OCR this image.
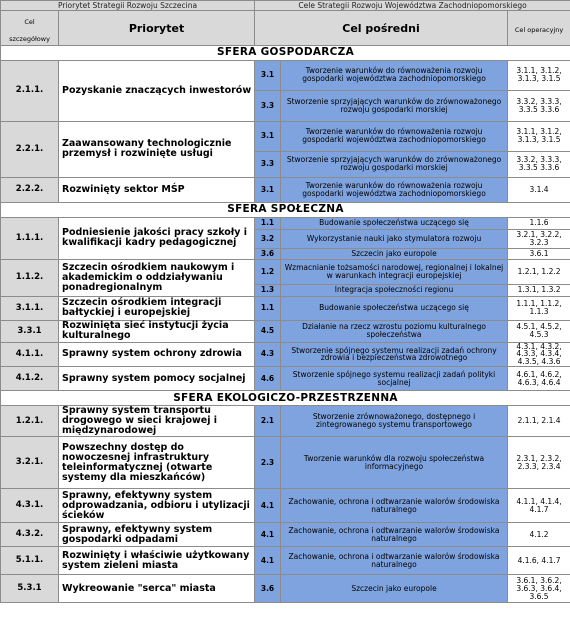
Priorytet Strategii Rozwoju Szczecina		Cele Strategii Rozwoju Województwa Zachodniopomorskiego		
Cel szczegółowy	Priorytet	Cel pośredni		Cel operacyjny
SFERA GOSPODARCZA				
2.1.1.	Pozyskanie znaczących inwestorów	3.1	Tworzenie warunków do równoważenia rozwoju gospodarki województwa zachodniopomorskiego	3.1.1, 3.1.2, 3.1.3, 3.1.5
		3.3	Stworzenie sprzyjających warunków do zrównoważonego rozwoju gospodarki morskiej	3.3.2, 3.3.3, 3.3.5 3.3.6
2.2.1.	Zaawansowany technologicznie przemysł i rozwinięte usługi	3.1	Tworzenie warunków do równoważenia rozwoju gospodarki województwa zachodniopomorskiego	3.1.1, 3.1.2, 3.1.3, 3.1.5
		3.3	Stworzenie sprzyjających warunków do zrównoważonego rozwoju gospodarki morskiej	3.3.2, 3.3.3, 3.3.5 3.3.6
2.2.2.	Rozwinięty sektor MŚP	3.1	Tworzenie warunków do równoważenia rozwoju gospodarki województwa zachodniopomorskiego	3.1.4
SFERA SPOŁECZNA				
1.1.1.	Podniesienie jakości pracy szkoły i kwalifikacji kadry pedagogicznej	1.1	Budowanie społeczeństwa uczącego się	1.1.6
		3.2	Wykorzystanie nauki jako stymulatora rozwoju	3.2.1, 3.2.2, 3.2.3
		3.6	Szczecin jako europole	3.6.1
1.1.2.	Szczecin ośrodkiem naukowym i akademickim o oddziaływaniu ponadregionalnym	1.2	Wzmacnianie tożsamości narodowej, regionalnej i lokalnej w warunkach integracji europejskiej	1.2.1, 1.2.2
		1.3	Integracja społeczności regionu	1.3.1, 1.3.2
3.1.1.	Szczecin ośrodkiem integracji bałtyckiej i europejskiej	1.1	Budowanie społeczeństwa uczącego się	1.1.1, 1.1.2, 1.1.3
3.3.1	Rozwinięta sieć instytucji życia kulturalnego	4.5	Działanie na rzecz wzrostu poziomu kulturalnego społeczeństwa	4.5.1, 4.5.2, 4.5.3
4.1.1.	Sprawny system ochrony zdrowia	4.3	Stworzenie spójnego systemu realizacji zadań ochrony zdrowia i bezpieczeństwa zdrowotnego	4.3.1, 4.3.2, 4.3.3, 4.3.4, 4.3.5, 4.3.6
4.1.2.	Sprawny system pomocy socjalnej	4.6	Stworzenie spójnego systemu realizacji zadań polityki socjalnej	4.6.1, 4.6.2, 4.6.3, 4.6.4
SFERA EKOLOGICZO-PRZESTRZENNA				
1.2.1.	Sprawny system transportu drogowego w sieci krajowej i międzynarodowej	2.1	Stworzenie zrównoważonego, dostępnego i zintegrowanego systemu transportowego	2.1.1, 2.1.4
3.2.1.	Powszechny dostęp do nowoczesnej infrastruktury teleinformatycznej (otwarte systemy dla mieszkańców)	2.3	Tworzenie warunków dla rozwoju społeczeństwa informacyjnego	2.3.1, 2.3.2, 2.3.3, 2.3.4
4.3.1.	Sprawny, efektywny system odprowadzania, odbioru i utylizacji ścieków	4.1	Zachowanie, ochrona i odtwarzanie walorów środowiska naturalnego	4.1.1, 4.1.4, 4.1.7
4.3.2.	Sprawny, efektywny system gospodarki odpadami	4.1	Zachowanie, ochrona i odtwarzanie walorów środowiska naturalnego	4.1.2
5.1.1.	Rozwinięty i właściwie użytkowany system zieleni miasta	4.1	Zachowanie, ochrona i odtwarzanie walorów środowiska naturalnego	4.1.6, 4.1.7
5.3.1	Wykreowanie "serca" miasta	3.6	Szczecin jako europole	3.6.1, 3.6.2, 3.6.3, 3.6.4, 3.6.5
